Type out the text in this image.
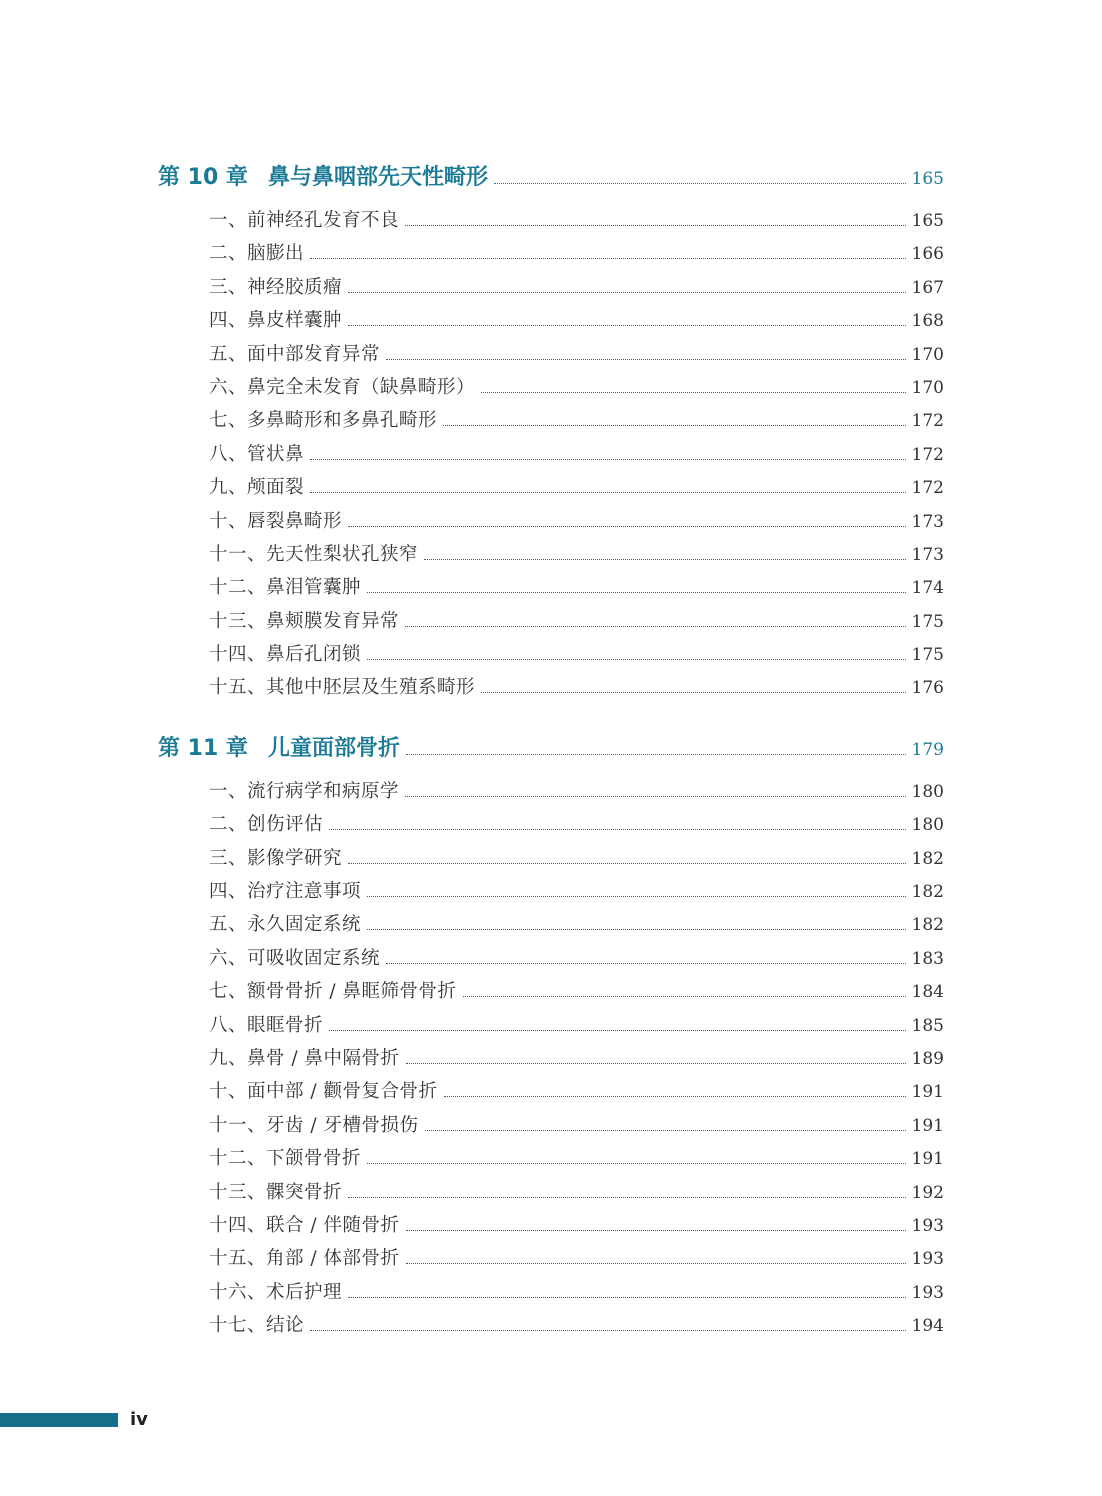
第 10 章 鼻与鼻咽部先天性畸形	165
一、前神经孔发育不良	165
二、脑膨出	166
三、神经胶质瘤	167
四、鼻皮样囊肿	168
五、面中部发育异常	170
六、鼻完全未发育（缺鼻畸形）	170
七、多鼻畸形和多鼻孔畸形	172
八、管状鼻	172
九、颅面裂	172
十、唇裂鼻畸形	173
十一、先天性梨状孔狭窄	173
十二、鼻泪管囊肿	174
十三、鼻颊膜发育异常	175
十四、鼻后孔闭锁	175
十五、其他中胚层及生殖系畸形	176
第 11 章 儿童面部骨折	179
一、流行病学和病原学	180
二、创伤评估	180
三、影像学研究	182
四、治疗注意事项	182
五、永久固定系统	182
六、可吸收固定系统	183
七、额骨骨折 / 鼻眶筛骨骨折	184
八、眼眶骨折	185
九、鼻骨 / 鼻中隔骨折	189
十、面中部 / 颧骨复合骨折	191
十一、牙齿 / 牙槽骨损伤	191
十二、下颌骨骨折	191
十三、髁突骨折	192
十四、联合 / 伴随骨折	193
十五、角部 / 体部骨折	193
十六、术后护理	193
十七、结论	194
iv
